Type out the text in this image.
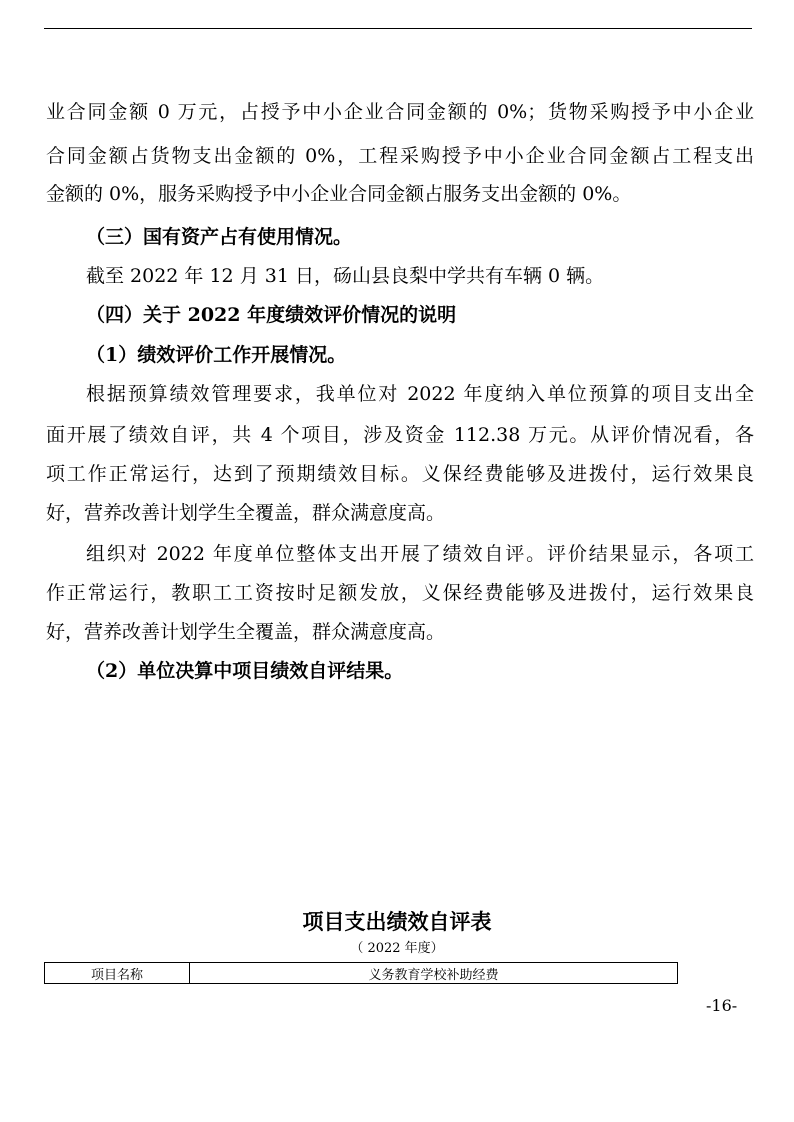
业合同金额 0 万元，占授予中小企业合同金额的 0%；货物采购授予中小企业
合同金额占货物支出金额的 0%，工程采购授予中小企业合同金额占工程支出
金额的 0%，服务采购授予中小企业合同金额占服务支出金额的 0%。
（三）国有资产占有使用情况。
截至 2022 年 12 月 31 日，砀山县良梨中学共有车辆 0 辆。
（四）关于 2022 年度绩效评价情况的说明
（1）绩效评价工作开展情况。
根据预算绩效管理要求，我单位对 2022 年度纳入单位预算的项目支出全
面开展了绩效自评，共 4 个项目，涉及资金 112.38 万元。从评价情况看，各
项工作正常运行，达到了预期绩效目标。义保经费能够及进拨付，运行效果良
好，营养改善计划学生全覆盖，群众满意度高。
组织对 2022 年度单位整体支出开展了绩效自评。评价结果显示，各项工
作正常运行，教职工工资按时足额发放，义保经费能够及进拨付，运行效果良
好，营养改善计划学生全覆盖，群众满意度高。
（2）单位决算中项目绩效自评结果。
项目支出绩效自评表
（ 2022 年度）
项目名称	义务教育学校补助经费
-16-
